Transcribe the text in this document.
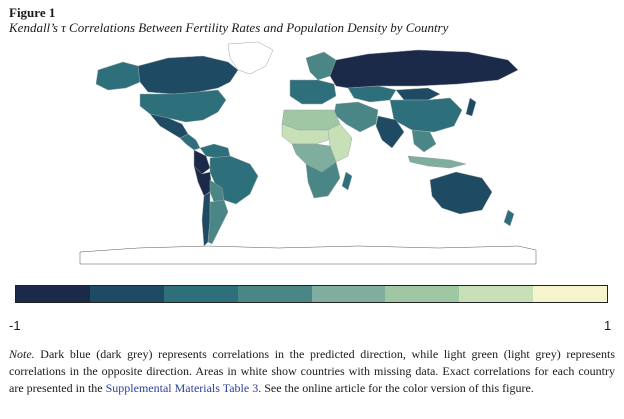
Figure 1
Kendall’s τ Correlations Between Fertility Rates and Population Density by Country
-1	1
Note. Dark blue (dark grey) represents correlations in the predicted direction, while light green (light grey) represents correlations in the opposite direction. Areas in white show countries with missing data. Exact correlations for each country are presented in the Supplemental Materials Table 3. See the online article for the color version of this figure.
